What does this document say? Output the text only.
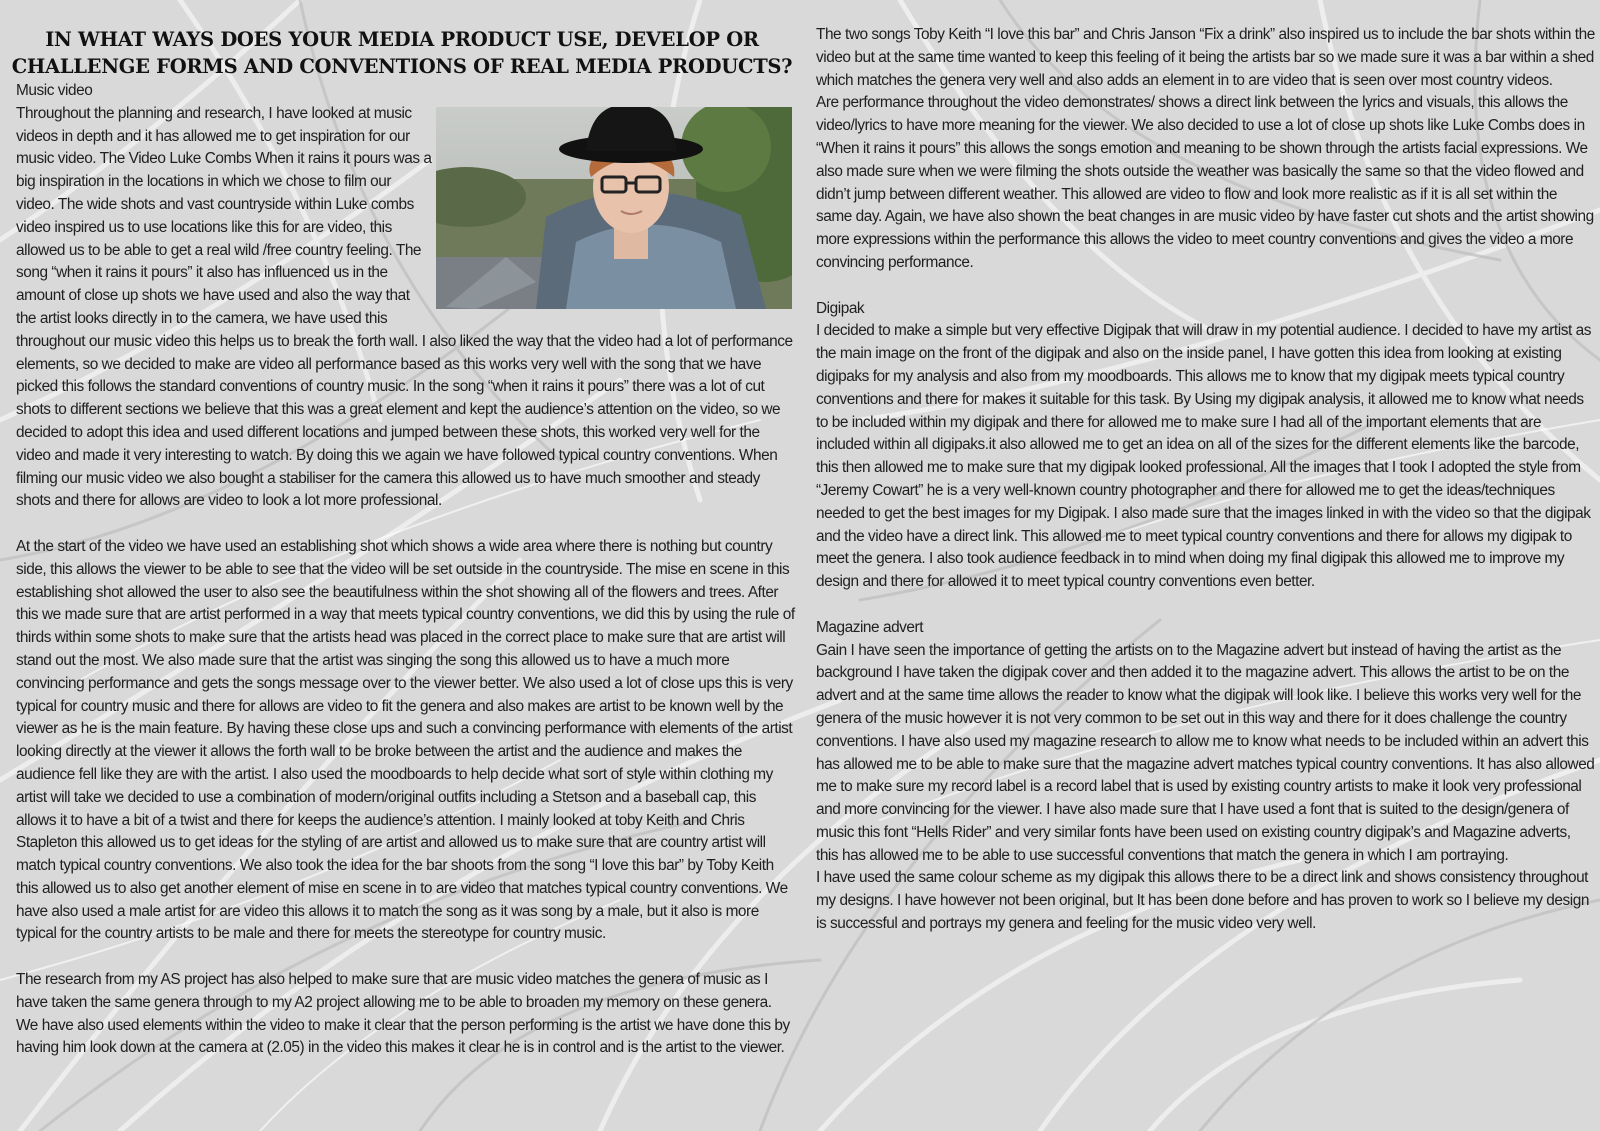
IN WHAT WAYS DOES YOUR MEDIA PRODUCT USE, DEVELOP OR CHALLENGE FORMS AND CONVENTIONS OF REAL MEDIA PRODUCTS?
Music video

Throughout the planning and research, I have looked at music videos in depth and it has allowed me to get inspiration for our music video. The Video Luke Combs When it rains it pours was a big inspiration in the locations in which we chose to film our video. The wide shots and vast countryside within Luke combs video inspired us to use locations like this for are video, this allowed us to be able to get a real wild /free country feeling. The song “when it rains it pours” it also has influenced us in the amount of close up shots we have used and also the way that the artist looks directly in to the camera, we have used this throughout our music video this helps us to break the forth wall. I also liked the way that the video had a lot of performance elements, so we decided to make are video all performance based as this works very well with the song that we have picked this follows the standard conventions of country music. In the song “when it rains it pours” there was a lot of cut shots to different sections we believe that this was a great element and kept the audience’s attention on the video, so we decided to adopt this idea and used different locations and jumped between these shots, this worked very well for the video and made it very interesting to watch. By doing this we again we have followed typical country conventions. When filming our music video we also bought a stabiliser for the camera this allowed us to have much smoother and steady shots and there for allows are video to look a lot more professional.

At the start of the video we have used an establishing shot which shows a wide area where there is nothing but country side, this allows the viewer to be able to see that the video will be set outside in the countryside. The mise en scene in this establishing shot allowed the user to also see the beautifulness within the shot showing all of the flowers and trees. After this we made sure that are artist performed in a way that meets typical country conventions, we did this by using the rule of thirds within some shots to make sure that the artists head was placed in the correct place to make sure that are artist will stand out the most. We also made sure that the artist was singing the song this allowed us to have a much more convincing performance and gets the songs message over to the viewer better. We also used a lot of close ups this is very typical for country music and there for allows are video to fit the genera and also makes are artist to be known well by the viewer as he is the main feature. By having these close ups and such a convincing performance with elements of the artist looking directly at the viewer it allows the forth wall to be broke between the artist and the audience and makes the audience fell like they are with the artist. I also used the moodboards to help decide what sort of style within clothing my artist will take we decided to use a combination of modern/original outfits including a Stetson and a baseball cap, this allows it to have a bit of a twist and there for keeps the audience’s attention. I mainly looked at toby Keith and Chris Stapleton this allowed us to get ideas for the styling of are artist and allowed us to make sure that are country artist will match typical country conventions. We also took the idea for the bar shoots from the song “I love this bar” by Toby Keith this allowed us to also get another element of mise en scene in to are video that matches typical country conventions. We have also used a male artist for are video this allows it to match the song as it was song by a male, but it also is more typical for the country artists to be male and there for meets the stereotype for country music.

The research from my AS project has also helped to make sure that are music video matches the genera of music as I have taken the same genera through to my A2 project allowing me to be able to broaden my memory on these genera. We have also used elements within the video to make it clear that the person performing is the artist we have done this by having him look down at the camera at (2.05) in the video this makes it clear he is in control and is the artist to the viewer.

The two songs Toby Keith “I love this bar” and Chris Janson “Fix a drink” also inspired us to include the bar shots within the video but at the same time wanted to keep this feeling of it being the artists bar so we made sure it was a bar within a shed which matches the genera very well and also adds an element in to are video that is seen over most country videos.

Are performance throughout the video demonstrates/ shows a direct link between the lyrics and visuals, this allows the video/lyrics to have more meaning for the viewer. We also decided to use a lot of close up shots like Luke Combs does in “When it rains it pours” this allows the songs emotion and meaning to be shown through the artists facial expressions. We also made sure when we were filming the shots outside the weather was basically the same so that the video flowed and didn’t jump between different weather. This allowed are video to flow and look more realistic as if it is all set within the same day. Again, we have also shown the beat changes in are music video by have faster cut shots and the artist showing more expressions within the performance this allows the video to meet country conventions and gives the video a more convincing performance.

Digipak

I decided to make a simple but very effective Digipak that will draw in my potential audience. I decided to have my artist as the main image on the front of the digipak and also on the inside panel, I have gotten this idea from looking at existing digipaks for my analysis and also from my moodboards. This allows me to know that my digipak meets typical country conventions and there for makes it suitable for this task. By Using my digipak analysis, it allowed me to know what needs to be included within my digipak and there for allowed me to make sure I had all of the important elements that are included within all digipaks.it also allowed me to get an idea on all of the sizes for the different elements like the barcode, this then allowed me to make sure that my digipak looked professional. All the images that I took I adopted the style from “Jeremy Cowart” he is a very well-known country photographer and there for allowed me to get the ideas/techniques needed to get the best images for my Digipak. I also made sure that the images linked in with the video so that the digipak and the video have a direct link. This allowed me to meet typical country conventions and there for allows my digipak to meet the genera. I also took audience feedback in to mind when doing my final digipak this allowed me to improve my design and there for allowed it to meet typical country conventions even better.

Magazine advert

Gain I have seen the importance of getting the artists on to the Magazine advert but instead of having the artist as the background I have taken the digipak cover and then added it to the magazine advert. This allows the artist to be on the advert and at the same time allows the reader to know what the digipak will look like. I believe this works very well for the genera of the music however it is not very common to be set out in this way and there for it does challenge the country conventions. I have also used my magazine research to allow me to know what needs to be included within an advert this has allowed me to be able to make sure that the magazine advert matches typical country conventions. It has also allowed me to make sure my record label is a record label that is used by existing country artists to make it look very professional and more convincing for the viewer. I have also made sure that I have used a font that is suited to the design/genera of music this font “Hells Rider” and very similar fonts have been used on existing country digipak’s and Magazine adverts, this has allowed me to be able to use successful conventions that match the genera in which I am portraying.

I have used the same colour scheme as my digipak this allows there to be a direct link and shows consistency throughout my designs. I have however not been original, but It has been done before and has proven to work so I believe my design is successful and portrays my genera and feeling for the music video very well.
